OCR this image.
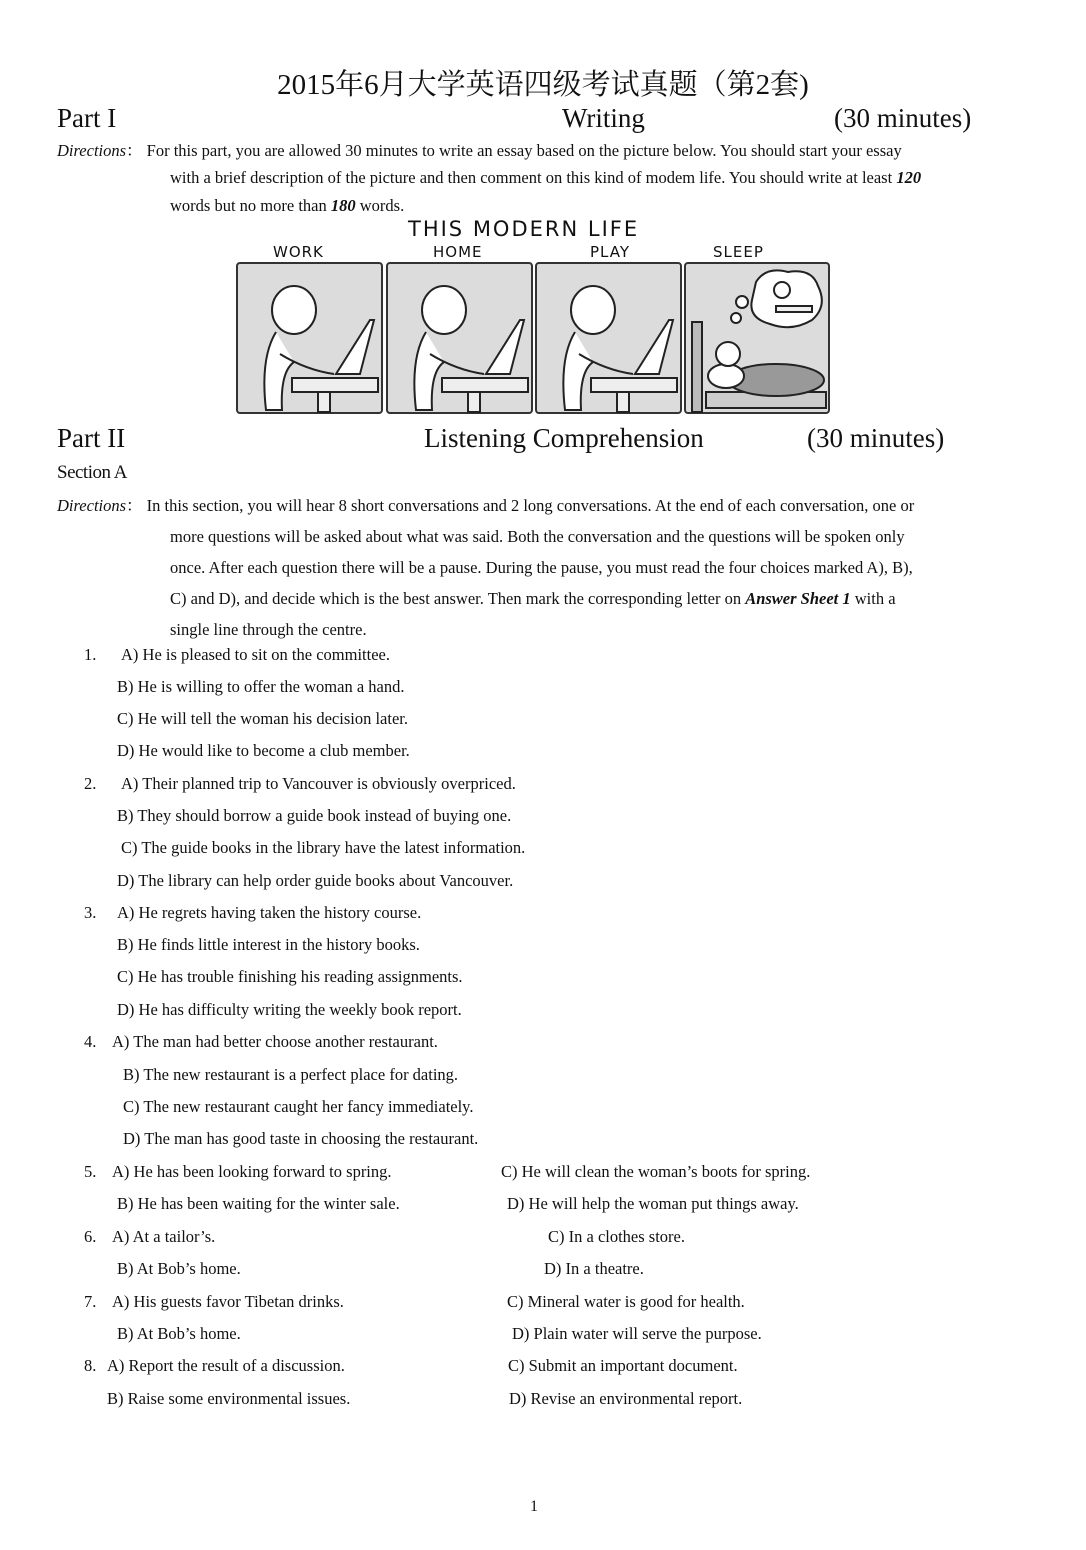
2015年6月大学英语四级考试真题（第2套)
Part I	Writing	(30 minutes)
Directions： For this part, you are allowed 30 minutes to write an essay based on the picture below. You should start your essay
with a brief description of the picture and then comment on this kind of modem life. You should write at least 120
words but no more than 180 words.
THIS MODERN LIFE
WORK	HOME	PLAY	SLEEP
Part II	Listening Comprehension	(30 minutes)
Section A
Directions： In this section, you will hear 8 short conversations and 2 long conversations. At the end of each conversation, one or
more questions will be asked about what was said. Both the conversation and the questions will be spoken only
once. After each question there will be a pause. During the pause, you must read the four choices marked A), B),
C) and D), and decide which is the best answer. Then mark the corresponding letter on Answer Sheet 1 with a
single line through the centre.
1. A) He is pleased to sit on the committee.
B) He is willing to offer the woman a hand.
C) He will tell the woman his decision later.
D) He would like to become a club member.
2. A) Their planned trip to Vancouver is obviously overpriced.
B) They should borrow a guide book instead of buying one.
C) The guide books in the library have the latest information.
D) The library can help order guide books about Vancouver.
3. A) He regrets having taken the history course.
B) He finds little interest in the history books.
C) He has trouble finishing his reading assignments.
D) He has difficulty writing the weekly book report.
4. A) The man had better choose another restaurant.
B) The new restaurant is a perfect place for dating.
C) The new restaurant caught her fancy immediately.
D) The man has good taste in choosing the restaurant.
5. A) He has been looking forward to spring.
B) He has been waiting for the winter sale.
C) He will clean the woman’s boots for spring.
D) He will help the woman put things away.
6. A) At a tailor’s.
B) At Bob’s home.
C) In a clothes store.
D) In a theatre.
7. A) His guests favor Tibetan drinks.
B) At Bob’s home.
C) Mineral water is good for health.
D) Plain water will serve the purpose.
8. A) Report the result of a discussion.
B) Raise some environmental issues.
C) Submit an important document.
D) Revise an environmental report.
1
